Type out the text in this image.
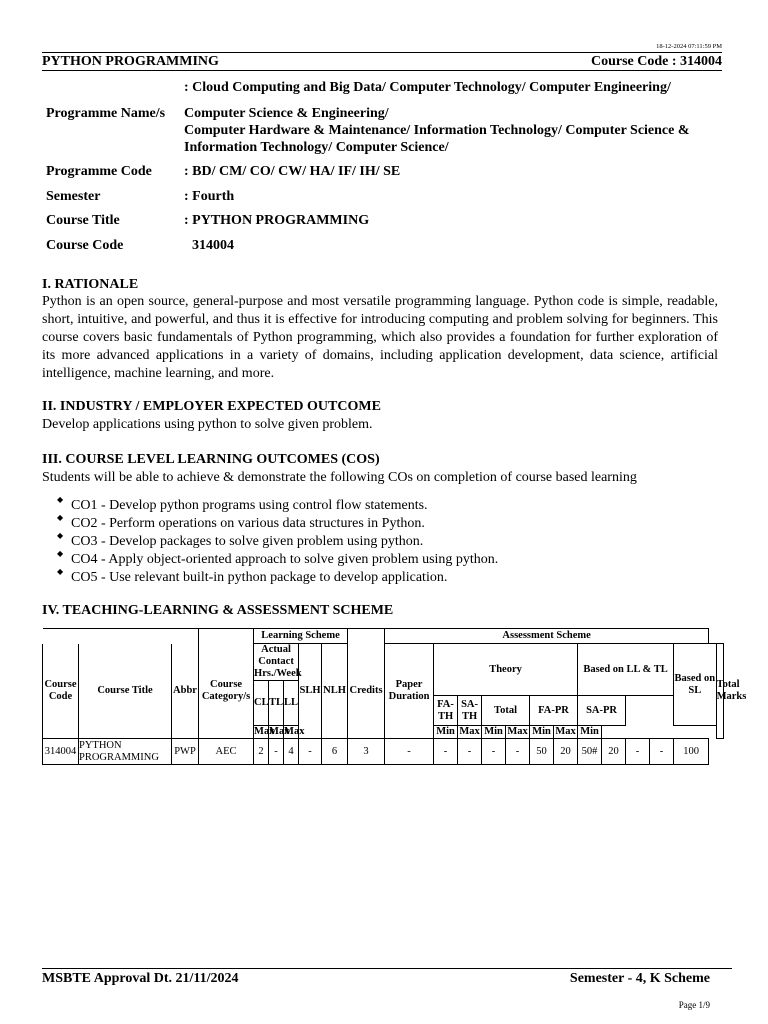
18-12-2024 07:11:59 PM
PYTHON PROGRAMMING	Course Code : 314004
: Cloud Computing and Big Data/ Computer Technology/ Computer Engineering/
Programme Name/s Computer Science & Engineering/
Computer Hardware & Maintenance/ Information Technology/ Computer Science &
Information Technology/ Computer Science/
Programme Code : BD/ CM/ CO/ CW/ HA/ IF/ IH/ SE
Semester	: Fourth
Course Title	: PYTHON PROGRAMMING
Course Code	314004
I. RATIONALE
Python is an open source, general-purpose and most versatile programming language. Python code is simple, readable, short, intuitive, and powerful, and thus it is effective for introducing computing and problem solving for beginners. This course covers basic fundamentals of Python programming, which also provides a foundation for further exploration of its more advanced applications in a variety of domains, including application development, data science, artificial intelligence, machine learning, and more.
II. INDUSTRY / EMPLOYER EXPECTED OUTCOME
Develop applications using python to solve given problem.
III. COURSE LEVEL LEARNING OUTCOMES (COS)
Students will be able to achieve & demonstrate the following COs on completion of course based learning
◆ CO1 - Develop python programs using control flow statements.
◆ CO2 - Perform operations on various data structures in Python.
◆ CO3 - Develop packages to solve given problem using python.
◆ CO4 - Apply object-oriented approach to solve given problem using python.
◆ CO5 - Use relevant built-in python package to develop application.
IV. TEACHING-LEARNING & ASSESSMENT SCHEME
				Learning Scheme						Assessment Scheme												
Course Code	Course Title	Abbr	Course Category/s	Actual Contact Hrs./Week			SLH	NLH	Credits	Paper Duration	Theory						Based on LL & TL				Based on SL	Total Marks
				CL	TL	LL																
											FA-TH	SA-TH	Total		FA-PR		SA-PR					
				Max	Max	Max					Min	Max	Min	Max	Min	Max	Min					
314004	PYTHON PROGRAMMING	PWP	AEC	2	-	4	-	6	3	-	-	-	-	-	50	20	50#	20	-	-	100	
MSBTE Approval Dt. 21/11/2024	Semester - 4, K Scheme
Page 1/9
